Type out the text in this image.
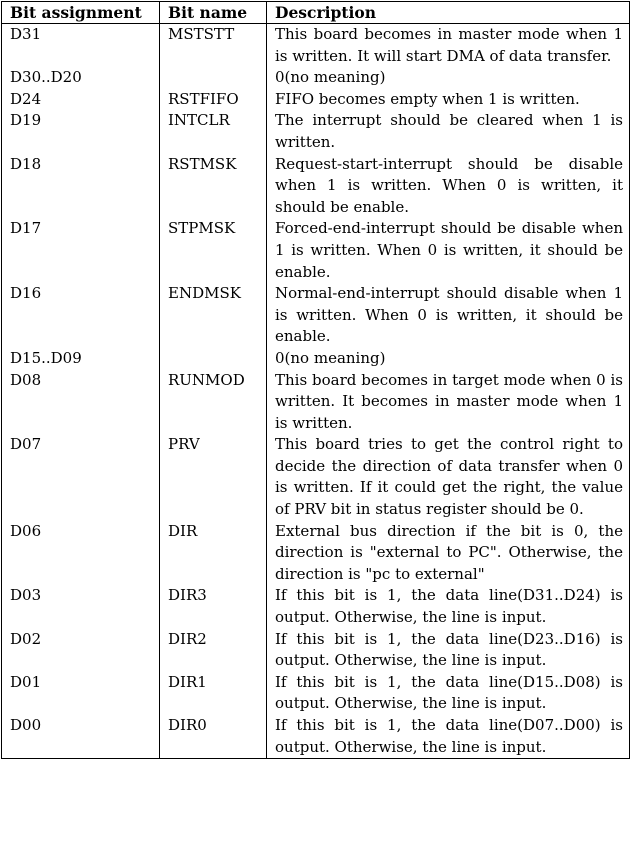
Bit assignment	Bit name	Description
D31	MSTSTT	This board becomes in master mode when 1 is written. It will start DMA of data transfer.
D30..D20		0(no meaning)
D24	RSTFIFO	FIFO becomes empty when 1 is written.
D19	INTCLR	The interrupt should be cleared when 1 is written.
D18	RSTMSK	Request-start-interrupt should be disable when 1 is written. When 0 is written, it should be enable.
D17	STPMSK	Forced-end-interrupt should be disable when 1 is written. When 0 is written, it should be enable.
D16	ENDMSK	Normal-end-interrupt should disable when 1 is written. When 0 is written, it should be enable.
D15..D09		0(no meaning)
D08	RUNMOD	This board becomes in target mode when 0 is written. It becomes in master mode when 1 is written.
D07	PRV	This board tries to get the control right to decide the direction of data transfer when 0 is written. If it could get the right, the value of PRV bit in status register should be 0.
D06	DIR	External bus direction if the bit is 0, the direction is "external to PC". Otherwise, the direction is "pc to external"
D03	DIR3	If this bit is 1, the data line(D31..D24) is output. Otherwise, the line is input.
D02	DIR2	If this bit is 1, the data line(D23..D16) is output. Otherwise, the line is input.
D01	DIR1	If this bit is 1, the data line(D15..D08) is output. Otherwise, the line is input.
D00	DIR0	If this bit is 1, the data line(D07..D00) is output. Otherwise, the line is input.
